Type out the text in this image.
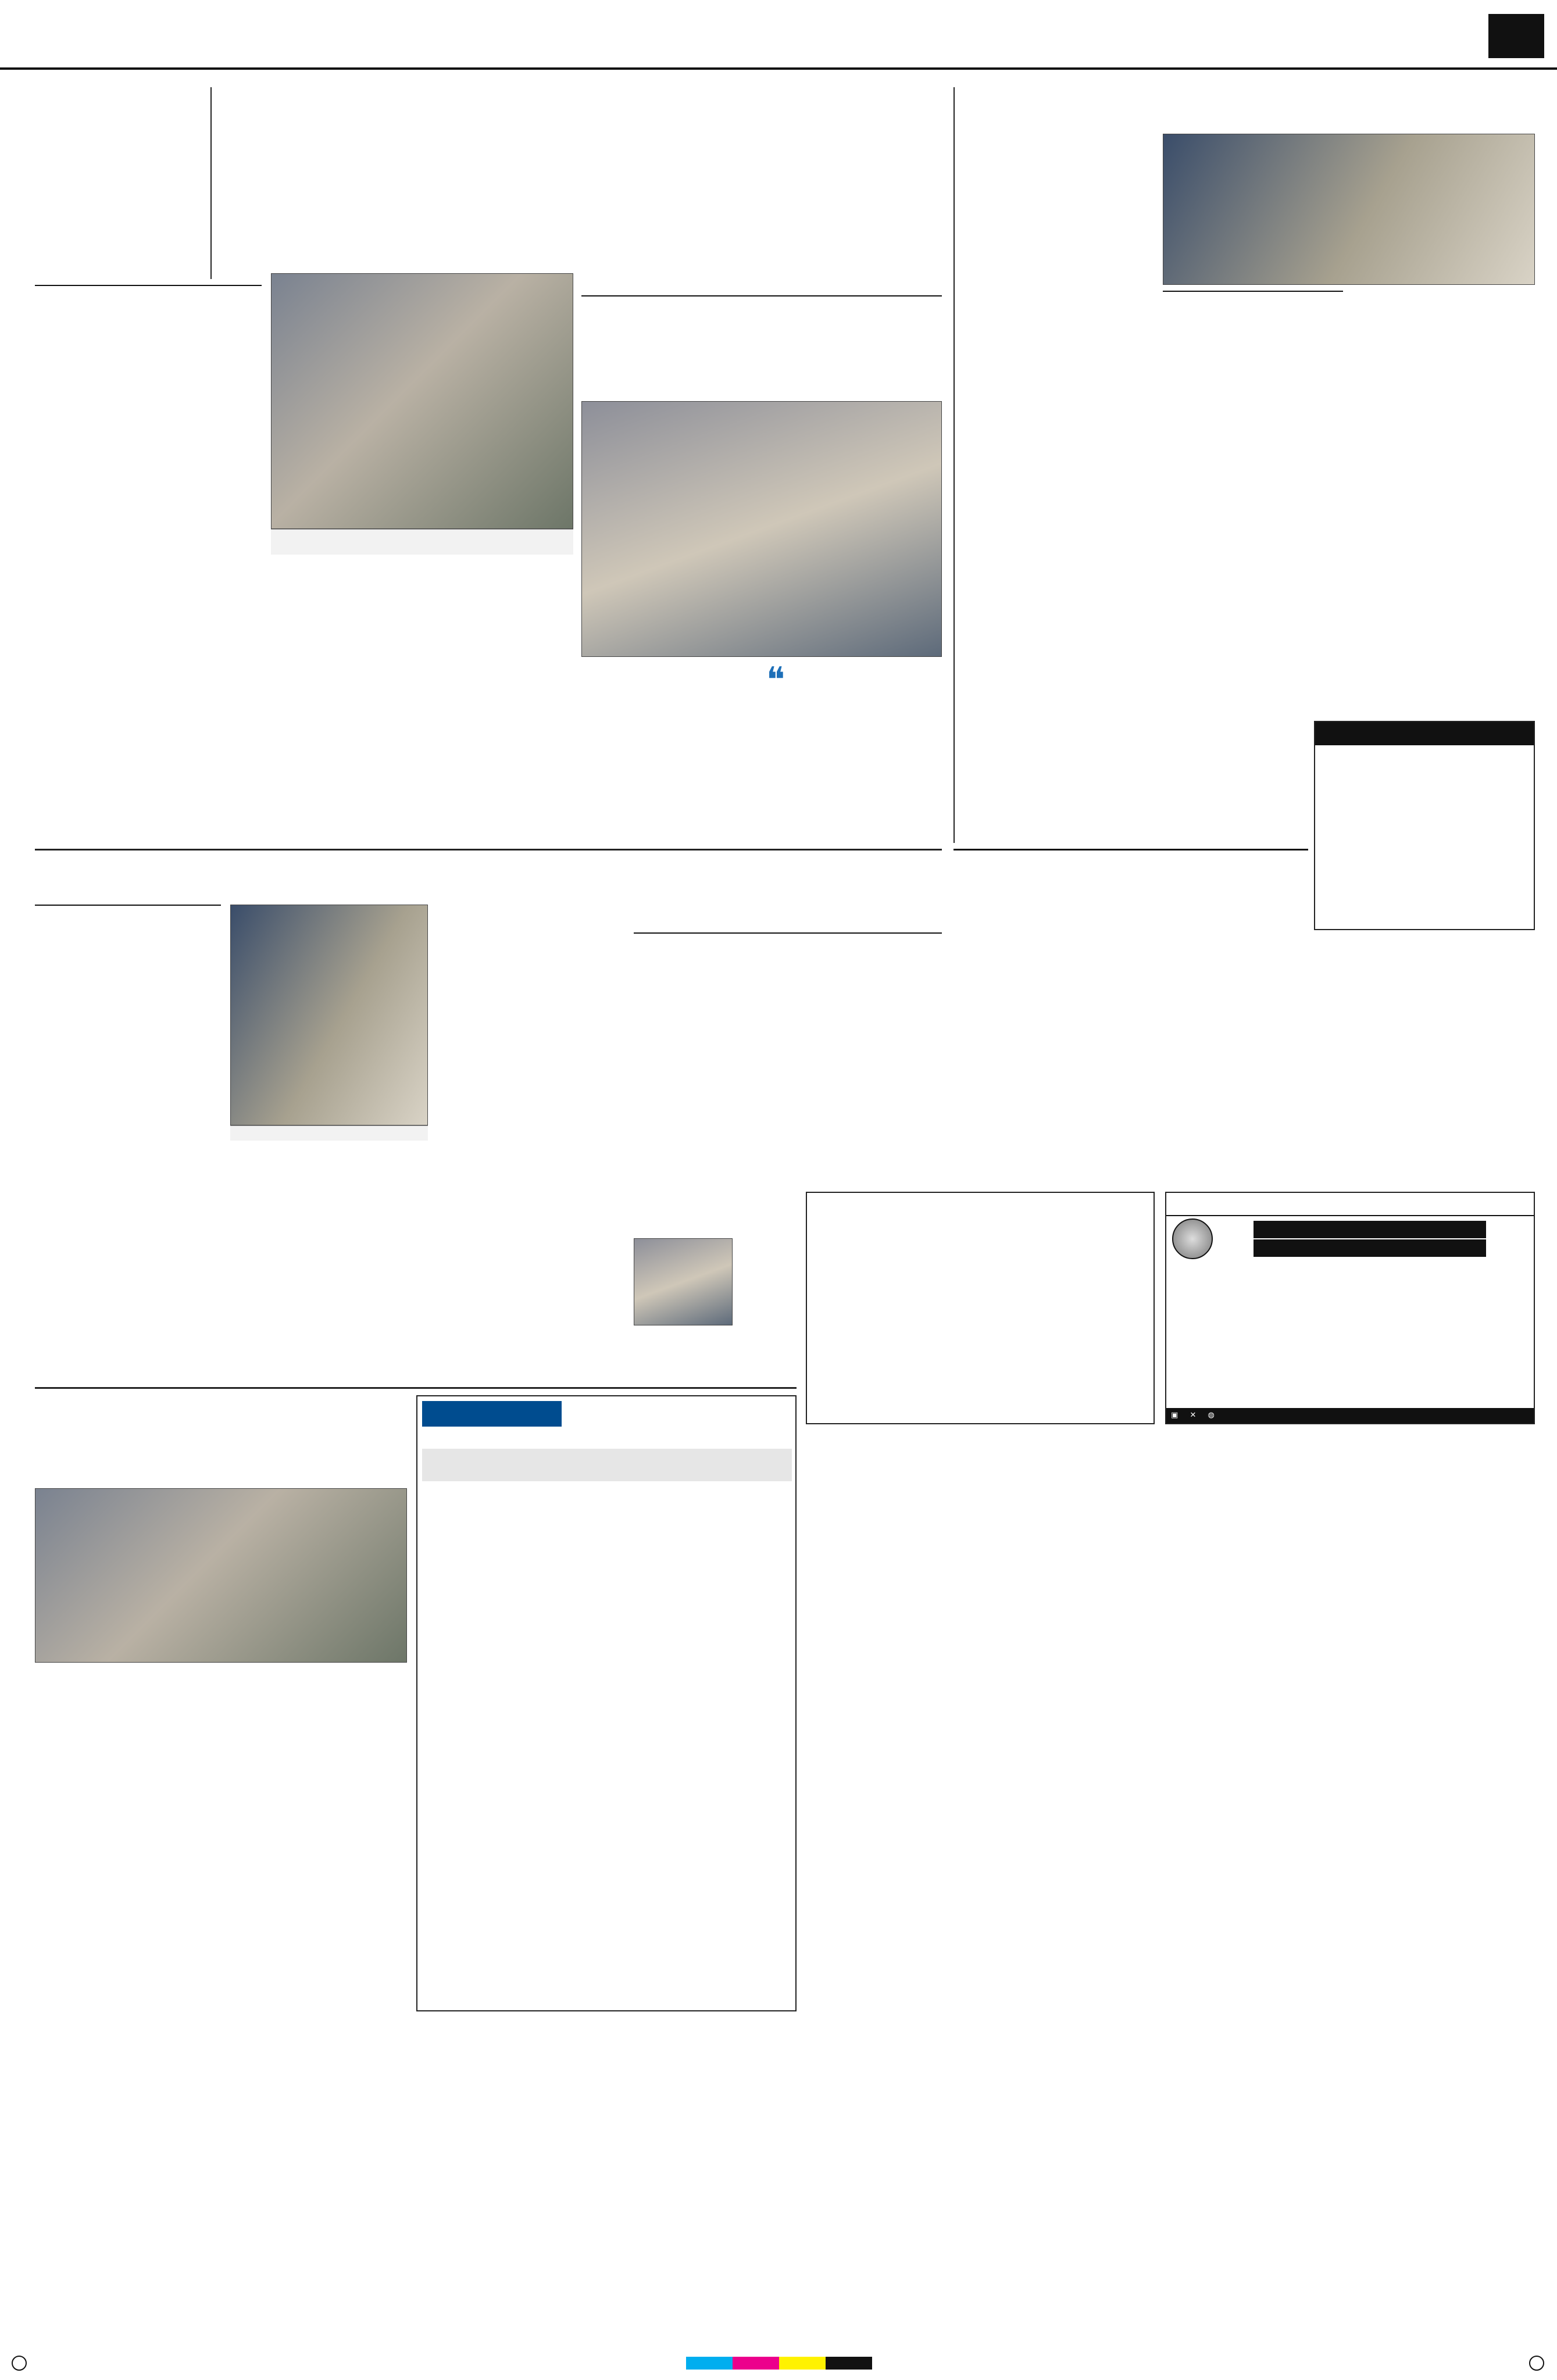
❝

▣ ✕ ◍
